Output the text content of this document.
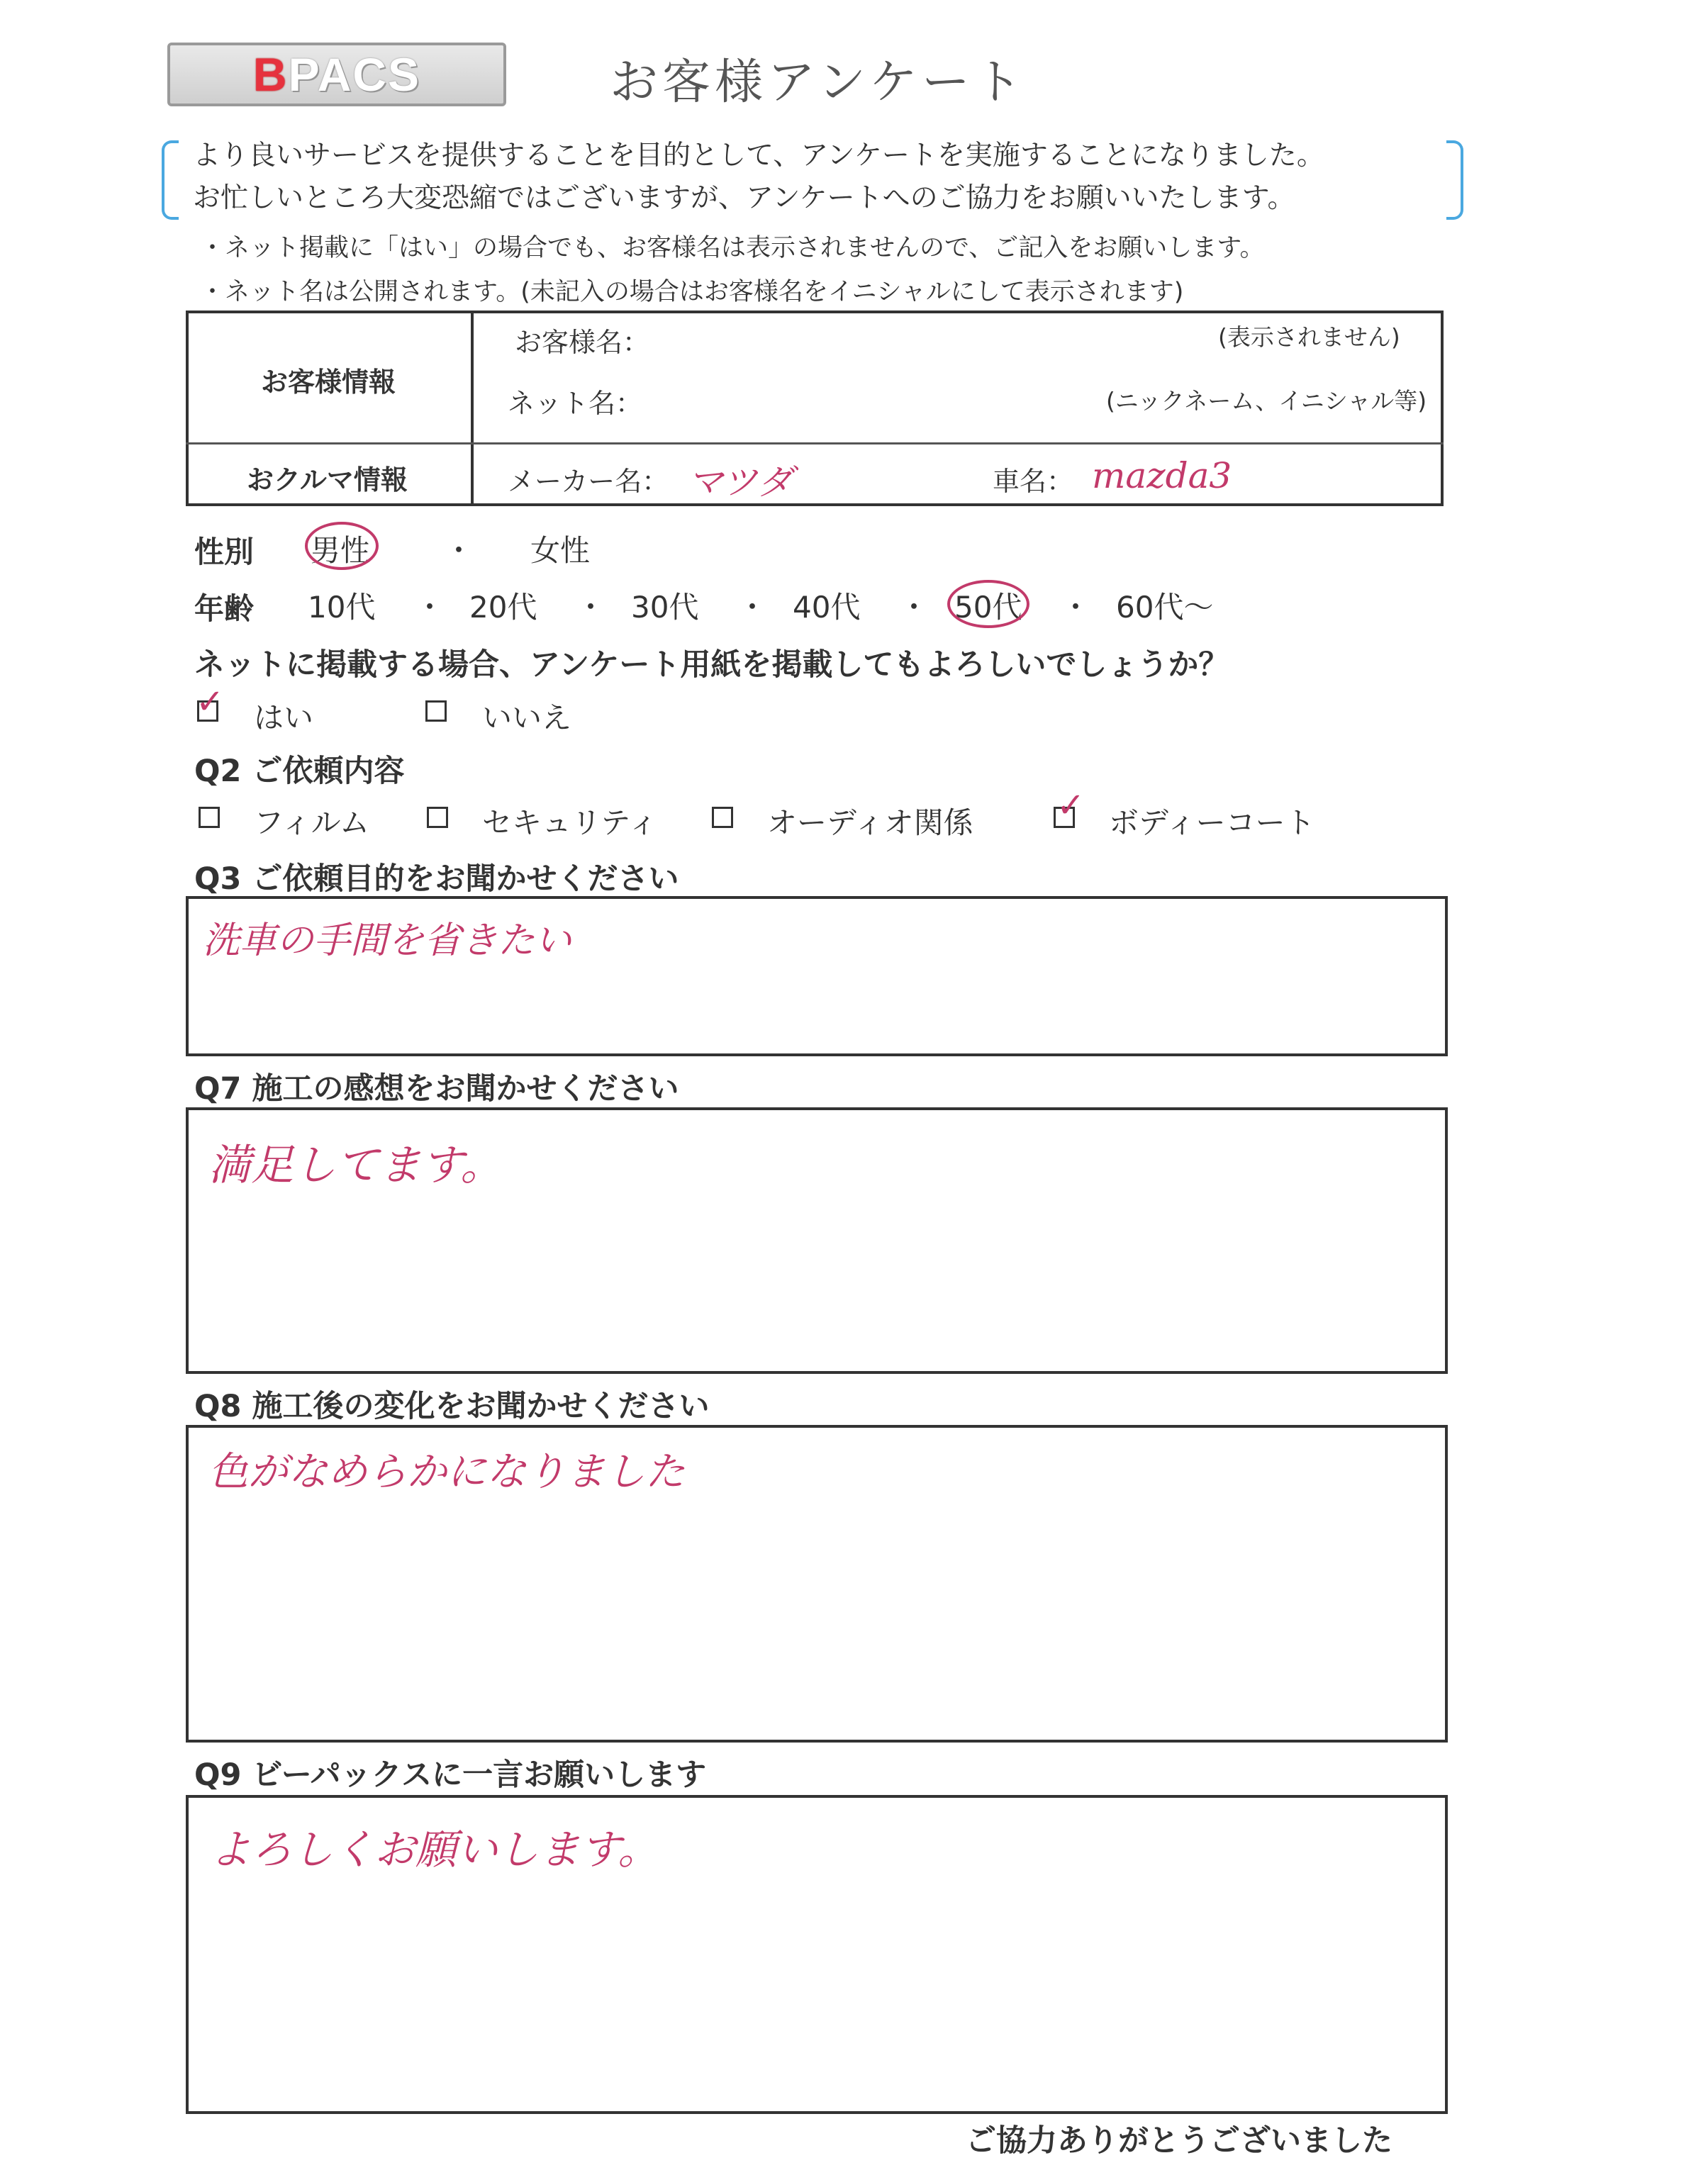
BPACS	お客様アンケート
より良いサービスを提供することを目的として、アンケートを実施することになりました。
お忙しいところ大変恐縮ではございますが、アンケートへのご協力をお願いいたします。
・ネット掲載に「はい」の場合でも、お客様名は表示されませんので、ご記入をお願いします。
・ネット名は公開されます。(未記入の場合はお客様名をイニシャルにして表示されます)
お客様情報
お客様名：	(表示されません)
ネット名：	(ニックネーム、イニシャル等)
おクルマ情報	メーカー名： マツダ	車名： mazda3
性別 男性 ・ 女性
年齢 10代 ・ 20代 ・ 30代 ・ 40代 ・ 50代 ・ 60代～
ネットに掲載する場合、アンケート用紙を掲載してもよろしいでしょうか？
✓ はい	いいえ
Q2 ご依頼内容
フィルム	セキュリティ	オーディオ関係 ✓ ボディーコート
Q3 ご依頼目的をお聞かせください
洗車の手間を省きたい
Q7 施工の感想をお聞かせください
満足してます。
Q8 施工後の変化をお聞かせください
色がなめらかになりました
Q9 ビーパックスに一言お願いします
よろしくお願いします。
ご協力ありがとうございました
